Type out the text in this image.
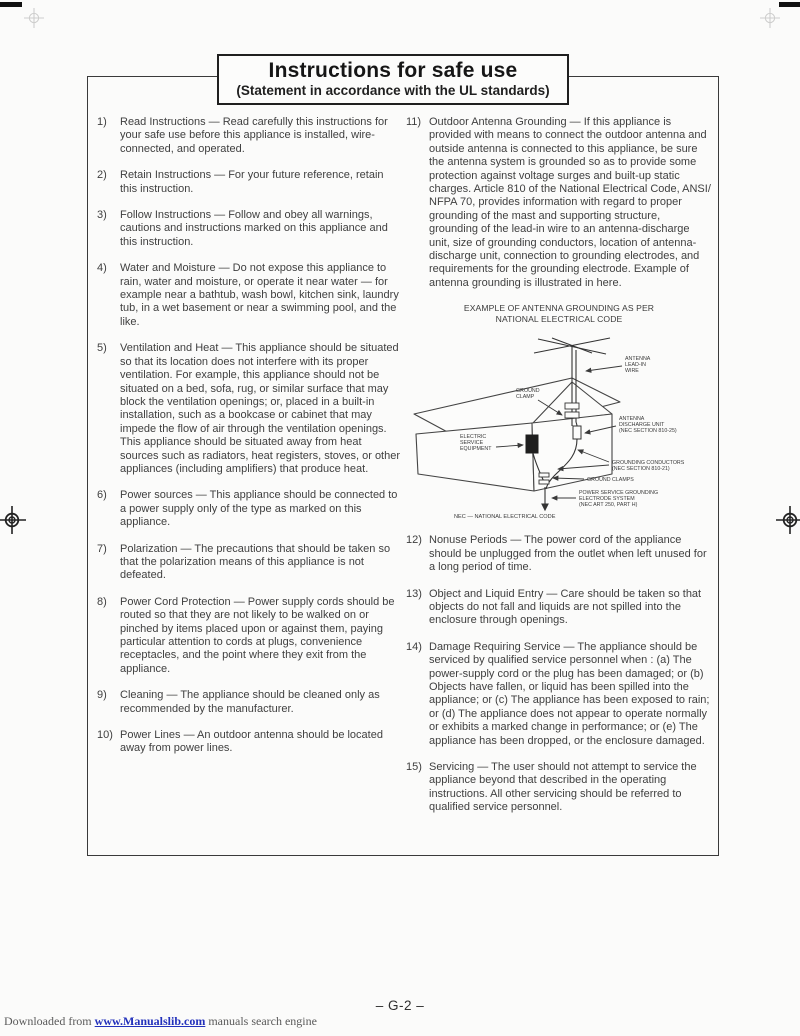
Instructions for safe use
(Statement in accordance with the UL standards)
1)	Read Instructions — Read carefully this instructions for your safe use before this appliance is installed, wire-connected, and operated.
2)	Retain Instructions — For your future reference, retain this instruction.
3)	Follow Instructions — Follow and obey all warnings, cautions and instructions marked on this appliance and this instruction.
4)	Water and Moisture — Do not expose this appliance to rain, water and moisture, or operate it near water — for example near a bathtub, wash bowl, kitchen sink, laundry tub, in a wet basement or near a swimming pool, and the like.
5)	Ventilation and Heat — This appliance should be situated so that its location does not interfere with its proper ventilation. For example, this appliance should not be situated on a bed, sofa, rug, or similar surface that may block the ventilation openings; or, placed in a built-in installation, such as a bookcase or cabinet that may impede the flow of air through the ventilation openings. This appliance should be situated away from heat sources such as radiators, heat registers, stoves, or other appliances (including amplifiers) that produce heat.
6)	Power sources — This appliance should be connected to a power supply only of the type as marked on this appliance.
7)	Polarization — The precautions that should be taken so that the polarization means of this appliance is not defeated.
8)	Power Cord Protection — Power supply cords should be routed so that they are not likely to be walked on or pinched by items placed upon or against them, paying particular attention to cords at plugs, convenience receptacles, and the point where they exit from the appliance.
9)	Cleaning — The appliance should be cleaned only as recommended by the manufacturer.
10) Power Lines — An outdoor antenna should be located away from power lines.
11) Outdoor Antenna Grounding — If this appliance is provided with means to connect the outdoor antenna and outside antenna is connected to this appliance, be sure the antenna system is grounded so as to provide some protection against voltage surges and built-up static charges. Article 810 of the National Electrical Code, ANSI/ NFPA 70, provides information with regard to proper grounding of the mast and supporting structure, grounding of the lead-in wire to an antenna-discharge unit, size of grounding conductors, location of antenna-discharge unit, connection to grounding electrodes, and requirements for the grounding electrode. Example of antenna grounding is illustrated in here.
EXAMPLE OF ANTENNA GROUNDING AS PER
NATIONAL ELECTRICAL CODE
ANTENNA
LEAD-IN
WIRE
GROUND
CLAMP
ANTENNA
DISCHARGE UNIT
(NEC SECTION 810-25)
ELECTRIC
SERVICE
EQUIPMENT
GROUNDING CONDUCTORS
(NEC SECTION 810-21)
GROUND CLAMPS
POWER SERVICE GROUNDING
ELECTRODE SYSTEM
(NEC ART 250, PART H)
NEC — NATIONAL ELECTRICAL CODE
12) Nonuse Periods — The power cord of the appliance should be unplugged from the outlet when left unused for a long period of time.
13) Object and Liquid Entry — Care should be taken so that objects do not fall and liquids are not spilled into the enclosure through openings.
14) Damage Requiring Service — The appliance should be serviced by qualified service personnel when : (a) The power-supply cord or the plug has been damaged; or (b) Objects have fallen, or liquid has been spilled into the appliance; or (c) The appliance has been exposed to rain; or (d) The appliance does not appear to operate normally or exhibits a marked change in performance; or (e) The appliance has been dropped, or the enclosure damaged.
15) Servicing — The user should not attempt to service the appliance beyond that described in the operating instructions. All other servicing should be referred to qualified service personnel.
– G-2 –
Downloaded from www.Manualslib.com manuals search engine
